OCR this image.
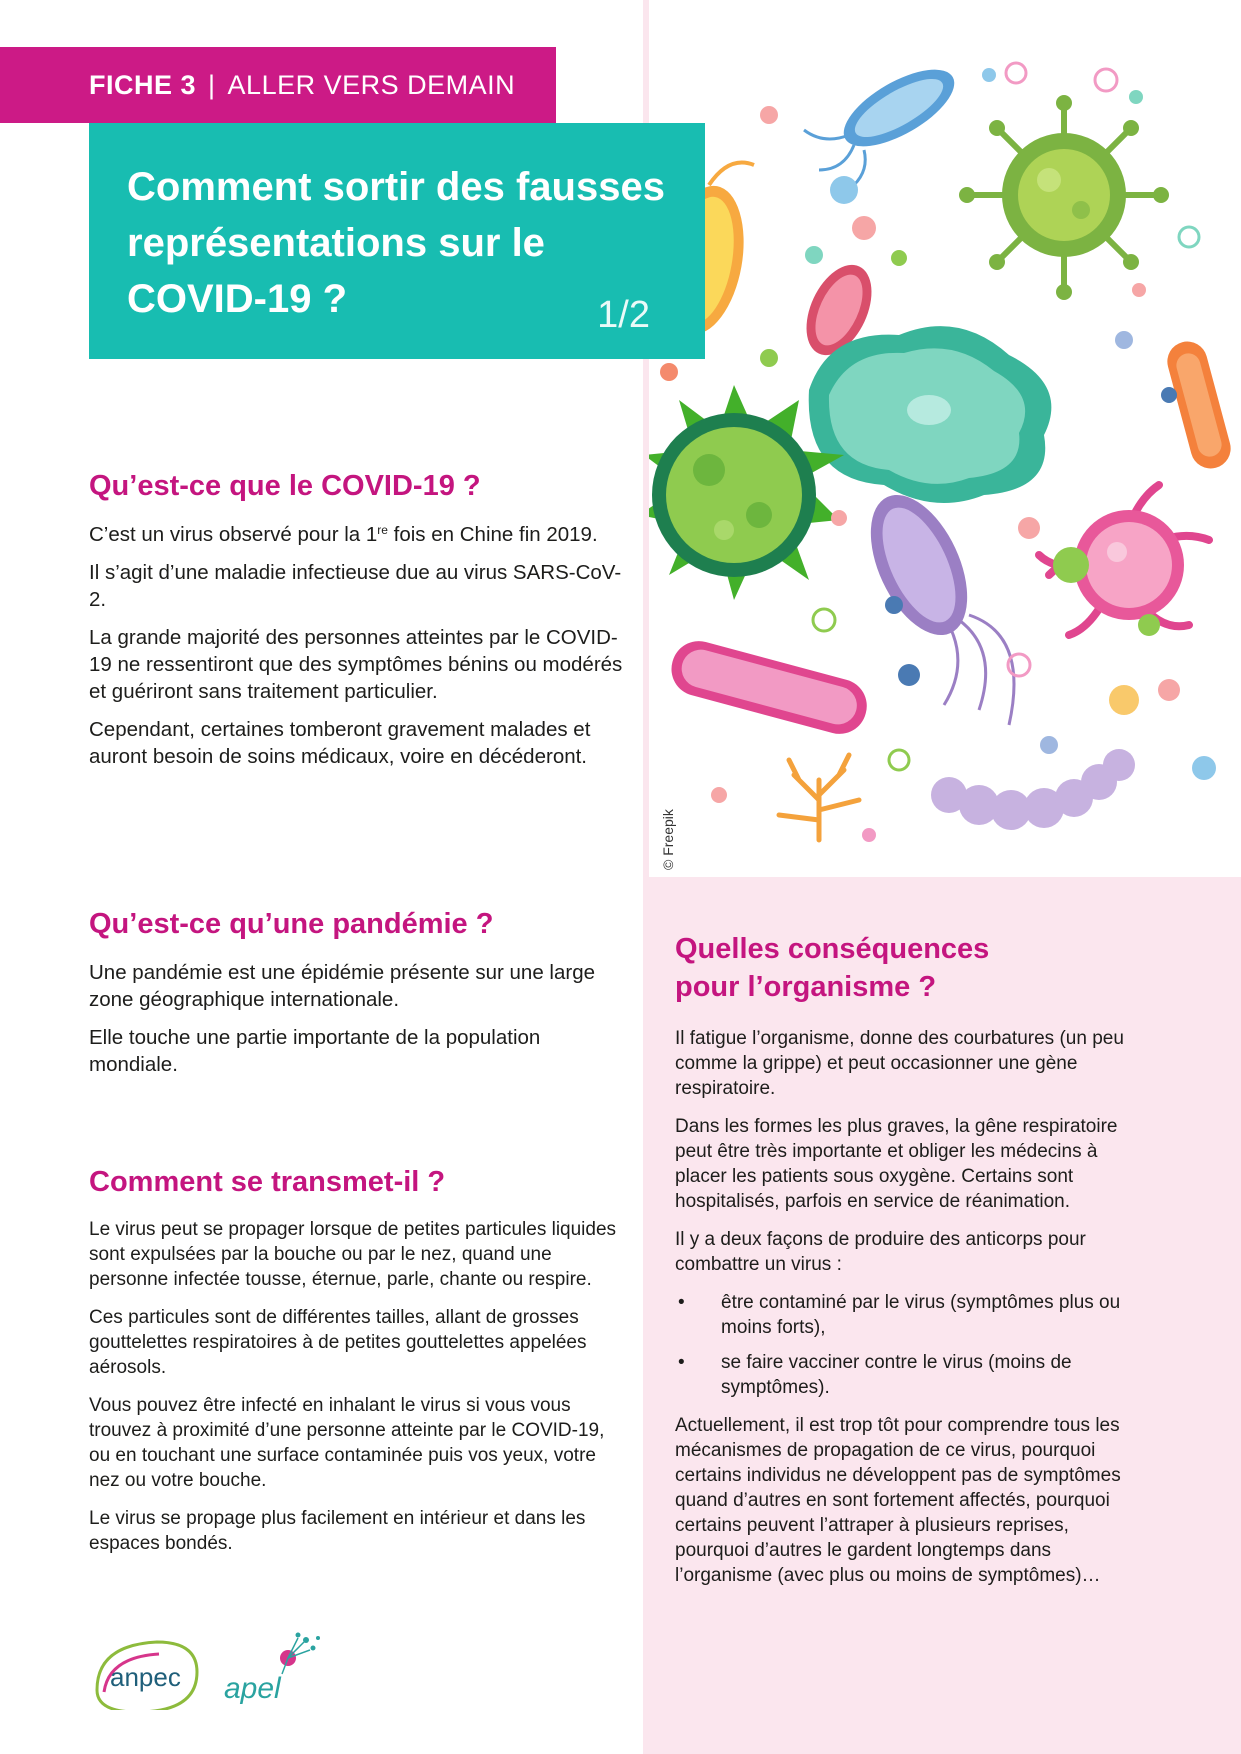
© Freepik
FICHE 3 | ALLER VERS DEMAIN
Comment sortir des fausses représentations sur le COVID-19 ?	1/2
Qu’est-ce que le COVID-19 ?

C’est un virus observé pour la 1re fois en Chine fin 2019.

Il s’agit d’une maladie infectieuse due au virus SARS-CoV-2.

La grande majorité des personnes atteintes par le COVID-19 ne ressentiront que des symptômes bénins ou modérés et guériront sans traitement particulier.

Cependant, certaines tomberont gravement malades et auront besoin de soins médicaux, voire en décéderont.

Qu’est-ce qu’une pandémie ?

Une pandémie est une épidémie présente sur une large zone géographique internationale.

Elle touche une partie importante de la population mondiale.

Comment se transmet-il ?

Le virus peut se propager lorsque de petites particules liquides sont expulsées par la bouche ou par le nez, quand une personne infectée tousse, éternue, parle, chante ou respire.

Ces particules sont de différentes tailles, allant de grosses gouttelettes respiratoires à de petites gouttelettes appelées aérosols.

Vous pouvez être infecté en inhalant le virus si vous vous trouvez à proximité d’une personne atteinte par le COVID-19, ou en touchant une surface contaminée puis vos yeux, votre nez ou votre bouche.

Le virus se propage plus facilement en intérieur et dans les espaces bondés.

Quelles conséquences
pour l’organisme ?

Il fatigue l’organisme, donne des courbatures (un peu comme la grippe) et peut occasionner une gène respiratoire.

Dans les formes les plus graves, la gêne respiratoire peut être très importante et obliger les médecins à placer les patients sous oxygène. Certains sont hospitalisés, parfois en service de réanimation.

Il y a deux façons de produire des anticorps pour combattre un virus :

• être contaminé par le virus (symptômes plus ou moins forts),
• se faire vacciner contre le virus (moins de symptômes).

Actuellement, il est trop tôt pour comprendre tous les mécanismes de propagation de ce virus, pourquoi certains individus ne développent pas de symptômes quand d’autres en sont fortement affectés, pourquoi certains peuvent l’attraper à plusieurs reprises, pourquoi d’autres le gardent longtemps dans l’organisme (avec plus ou moins de symptômes)…

anpec apel
